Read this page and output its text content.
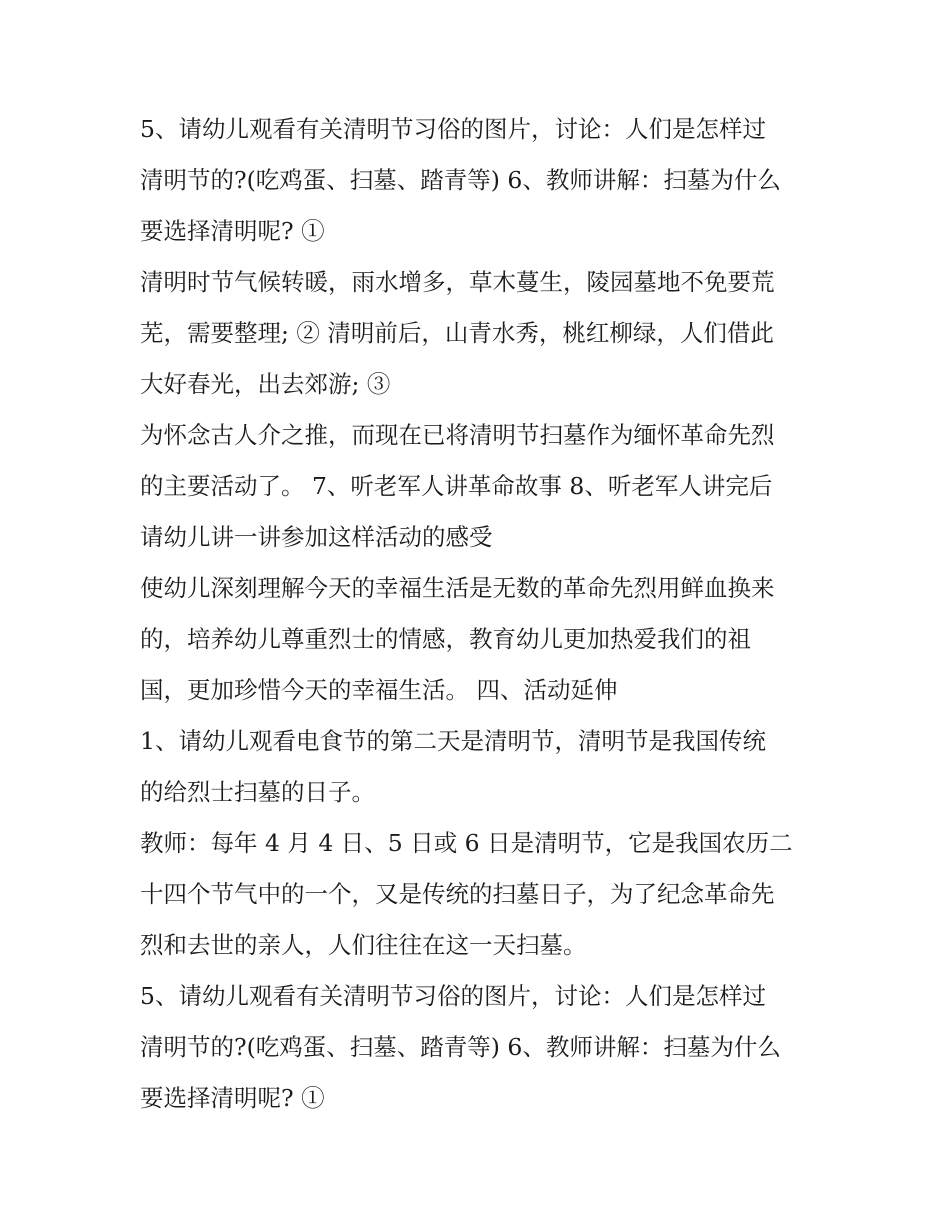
5、请幼儿观看有关清明节习俗的图片，讨论：人们是怎样过
清明节的?(吃鸡蛋、扫墓、踏青等) 6、教师讲解：扫墓为什么
要选择清明呢? ①
清明时节气候转暖，雨水增多，草木蔓生，陵园墓地不免要荒
芜，需要整理; ② 清明前后，山青水秀，桃红柳绿，人们借此
大好春光，出去郊游; ③
为怀念古人介之推，而现在已将清明节扫墓作为缅怀革命先烈
的主要活动了。 7、听老军人讲革命故事 8、听老军人讲完后
请幼儿讲一讲参加这样活动的感受
使幼儿深刻理解今天的幸福生活是无数的革命先烈用鲜血换来
的，培养幼儿尊重烈士的情感，教育幼儿更加热爱我们的祖
国，更加珍惜今天的幸福生活。 四、活动延伸
1、请幼儿观看电食节的第二天是清明节，清明节是我国传统
的给烈士扫墓的日子。
教师：每年 4 月 4 日、5 日或 6 日是清明节，它是我国农历二
十四个节气中的一个，又是传统的扫墓日子，为了纪念革命先
烈和去世的亲人，人们往往在这一天扫墓。
5、请幼儿观看有关清明节习俗的图片，讨论：人们是怎样过
清明节的?(吃鸡蛋、扫墓、踏青等) 6、教师讲解：扫墓为什么
要选择清明呢? ①
